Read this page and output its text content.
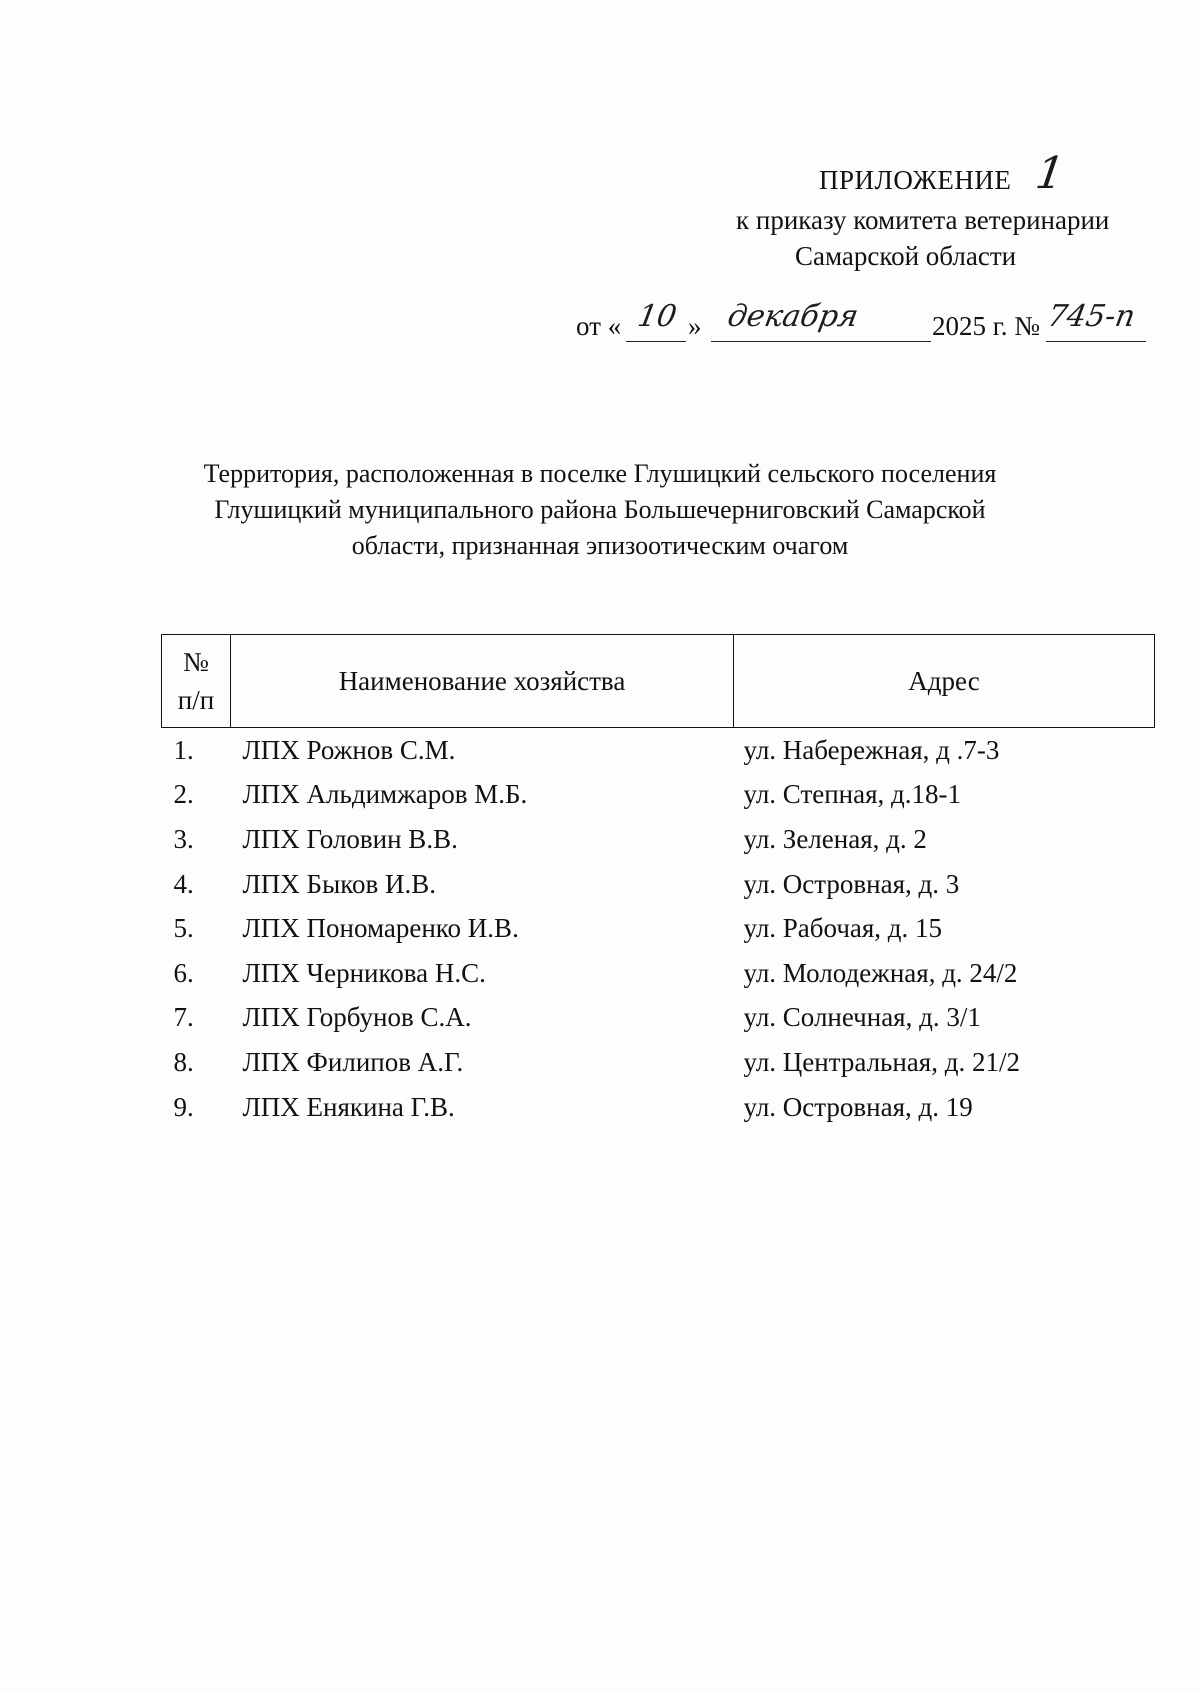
ПРИЛОЖЕНИЕ 1
к приказу комитета ветеринарии
Самарской области
от « 10 » декабря	2025 г. № 745-п
Территория, расположенная в поселке Глушицкий сельского поселения
Глушицкий муниципального района Большечерниговский Самарской
области, признанная эпизоотическим очагом
№
п/п	Наименование хозяйства	Адрес
1.	ЛПХ Рожнов С.М.	ул. Набережная, д .7-3
2.	ЛПХ Альдимжаров М.Б.	ул. Степная, д.18-1
3.	ЛПХ Головин В.В.	ул. Зеленая, д. 2
4.	ЛПХ Быков И.В.	ул. Островная, д. 3
5.	ЛПХ Пономаренко И.В.	ул. Рабочая, д. 15
6.	ЛПХ Черникова Н.С.	ул. Молодежная, д. 24/2
7.	ЛПХ Горбунов С.А.	ул. Солнечная, д. 3/1
8.	ЛПХ Филипов А.Г.	ул. Центральная, д. 21/2
9.	ЛПХ Енякина Г.В.	ул. Островная, д. 19
